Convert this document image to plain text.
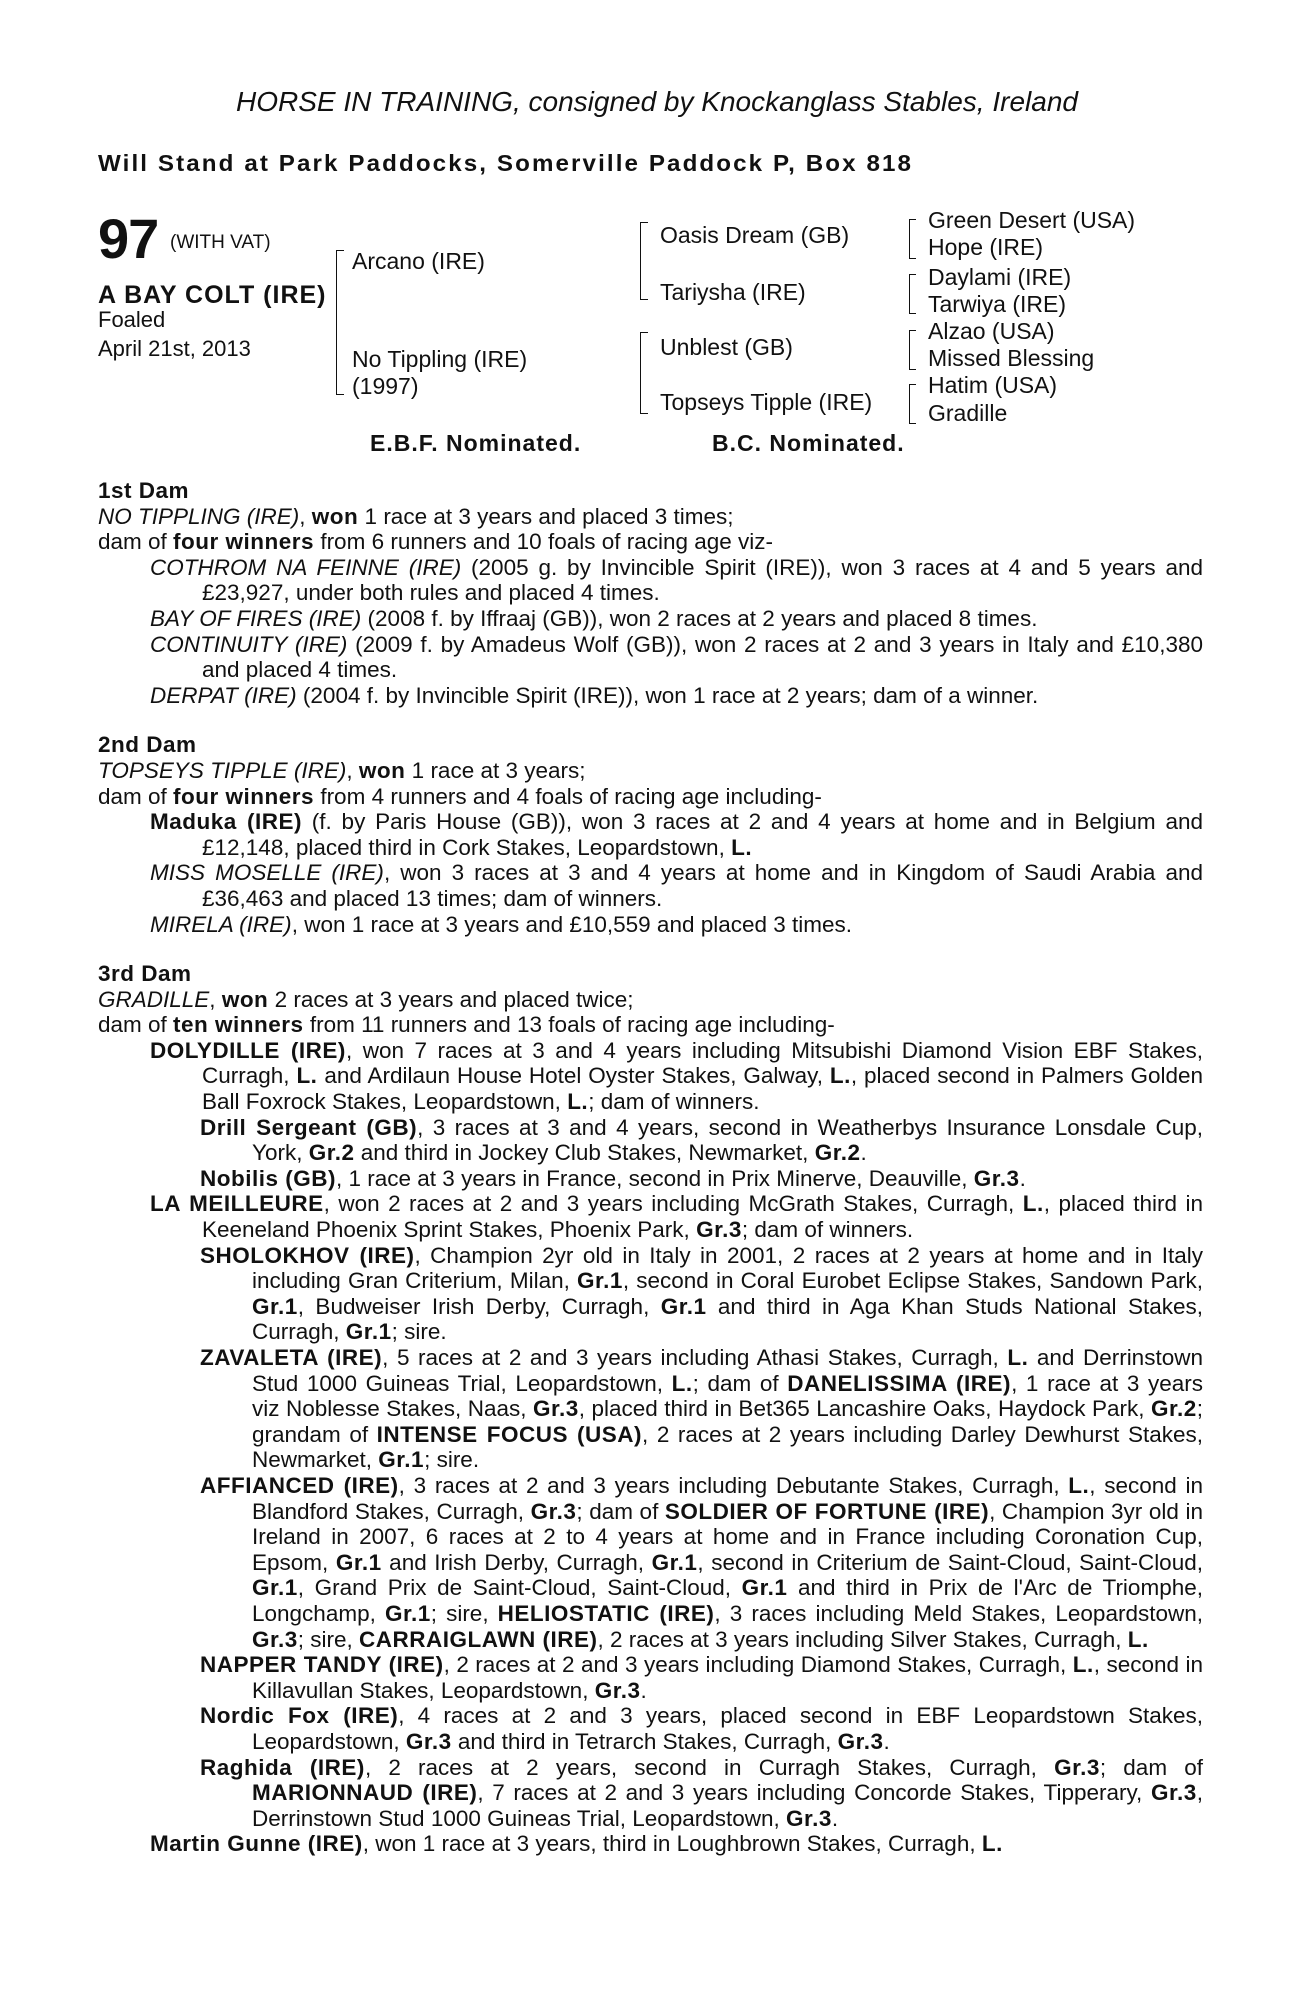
HORSE IN TRAINING, consigned by Knockanglass Stables, Ireland
Will Stand at Park Paddocks, Somerville Paddock P, Box 818
97 (WITH VAT)
A BAY COLT (IRE)
Foaled
April 21st, 2013
Arcano (IRE)
No Tippling (IRE)
(1997)
Oasis Dream (GB)
Tariysha (IRE)
Unblest (GB)
Topseys Tipple (IRE)
Green Desert (USA)
Hope (IRE)
Daylami (IRE)
Tarwiya (IRE)
Alzao (USA)
Missed Blessing
Hatim (USA)
Gradille
E.B.F. Nominated.	B.C. Nominated.
1st Dam
NO TIPPLING (IRE), won 1 race at 3 years and placed 3 times;
dam of four winners from 6 runners and 10 foals of racing age viz-
COTHROM NA FEINNE (IRE) (2005 g. by Invincible Spirit (IRE)), won 3 races at 4 and 5 years and £23,927, under both rules and placed 4 times.
BAY OF FIRES (IRE) (2008 f. by Iffraaj (GB)), won 2 races at 2 years and placed 8 times.
CONTINUITY (IRE) (2009 f. by Amadeus Wolf (GB)), won 2 races at 2 and 3 years in Italy and £10,380 and placed 4 times.
DERPAT (IRE) (2004 f. by Invincible Spirit (IRE)), won 1 race at 2 years; dam of a winner.
2nd Dam
TOPSEYS TIPPLE (IRE), won 1 race at 3 years;
dam of four winners from 4 runners and 4 foals of racing age including-
Maduka (IRE) (f. by Paris House (GB)), won 3 races at 2 and 4 years at home and in Belgium and £12,148, placed third in Cork Stakes, Leopardstown, L.
MISS MOSELLE (IRE), won 3 races at 3 and 4 years at home and in Kingdom of Saudi Arabia and £36,463 and placed 13 times; dam of winners.
MIRELA (IRE), won 1 race at 3 years and £10,559 and placed 3 times.
3rd Dam
GRADILLE, won 2 races at 3 years and placed twice;
dam of ten winners from 11 runners and 13 foals of racing age including-
DOLYDILLE (IRE), won 7 races at 3 and 4 years including Mitsubishi Diamond Vision EBF Stakes, Curragh, L. and Ardilaun House Hotel Oyster Stakes, Galway, L., placed second in Palmers Golden Ball Foxrock Stakes, Leopardstown, L.; dam of winners.
Drill Sergeant (GB), 3 races at 3 and 4 years, second in Weatherbys Insurance Lonsdale Cup, York, Gr.2 and third in Jockey Club Stakes, Newmarket, Gr.2.
Nobilis (GB), 1 race at 3 years in France, second in Prix Minerve, Deauville, Gr.3.
LA MEILLEURE, won 2 races at 2 and 3 years including McGrath Stakes, Curragh, L., placed third in Keeneland Phoenix Sprint Stakes, Phoenix Park, Gr.3; dam of winners.
SHOLOKHOV (IRE), Champion 2yr old in Italy in 2001, 2 races at 2 years at home and in Italy including Gran Criterium, Milan, Gr.1, second in Coral Eurobet Eclipse Stakes, Sandown Park, Gr.1, Budweiser Irish Derby, Curragh, Gr.1 and third in Aga Khan Studs National Stakes, Curragh, Gr.1; sire.
ZAVALETA (IRE), 5 races at 2 and 3 years including Athasi Stakes, Curragh, L. and Derrinstown Stud 1000 Guineas Trial, Leopardstown, L.; dam of DANELISSIMA (IRE), 1 race at 3 years viz Noblesse Stakes, Naas, Gr.3, placed third in Bet365 Lancashire Oaks, Haydock Park, Gr.2; grandam of INTENSE FOCUS (USA), 2 races at 2 years including Darley Dewhurst Stakes, Newmarket, Gr.1; sire.
AFFIANCED (IRE), 3 races at 2 and 3 years including Debutante Stakes, Curragh, L., second in Blandford Stakes, Curragh, Gr.3; dam of SOLDIER OF FORTUNE (IRE), Champion 3yr old in Ireland in 2007, 6 races at 2 to 4 years at home and in France including Coronation Cup, Epsom, Gr.1 and Irish Derby, Curragh, Gr.1, second in Criterium de Saint-Cloud, Saint-Cloud, Gr.1, Grand Prix de Saint-Cloud, Saint-Cloud, Gr.1 and third in Prix de l'Arc de Triomphe, Longchamp, Gr.1; sire, HELIOSTATIC (IRE), 3 races including Meld Stakes, Leopardstown, Gr.3; sire, CARRAIGLAWN (IRE), 2 races at 3 years including Silver Stakes, Curragh, L.
NAPPER TANDY (IRE), 2 races at 2 and 3 years including Diamond Stakes, Curragh, L., second in Killavullan Stakes, Leopardstown, Gr.3.
Nordic Fox (IRE), 4 races at 2 and 3 years, placed second in EBF Leopardstown Stakes, Leopardstown, Gr.3 and third in Tetrarch Stakes, Curragh, Gr.3.
Raghida (IRE), 2 races at 2 years, second in Curragh Stakes, Curragh, Gr.3; dam of MARIONNAUD (IRE), 7 races at 2 and 3 years including Concorde Stakes, Tipperary, Gr.3, Derrinstown Stud 1000 Guineas Trial, Leopardstown, Gr.3.
Martin Gunne (IRE), won 1 race at 3 years, third in Loughbrown Stakes, Curragh, L.
